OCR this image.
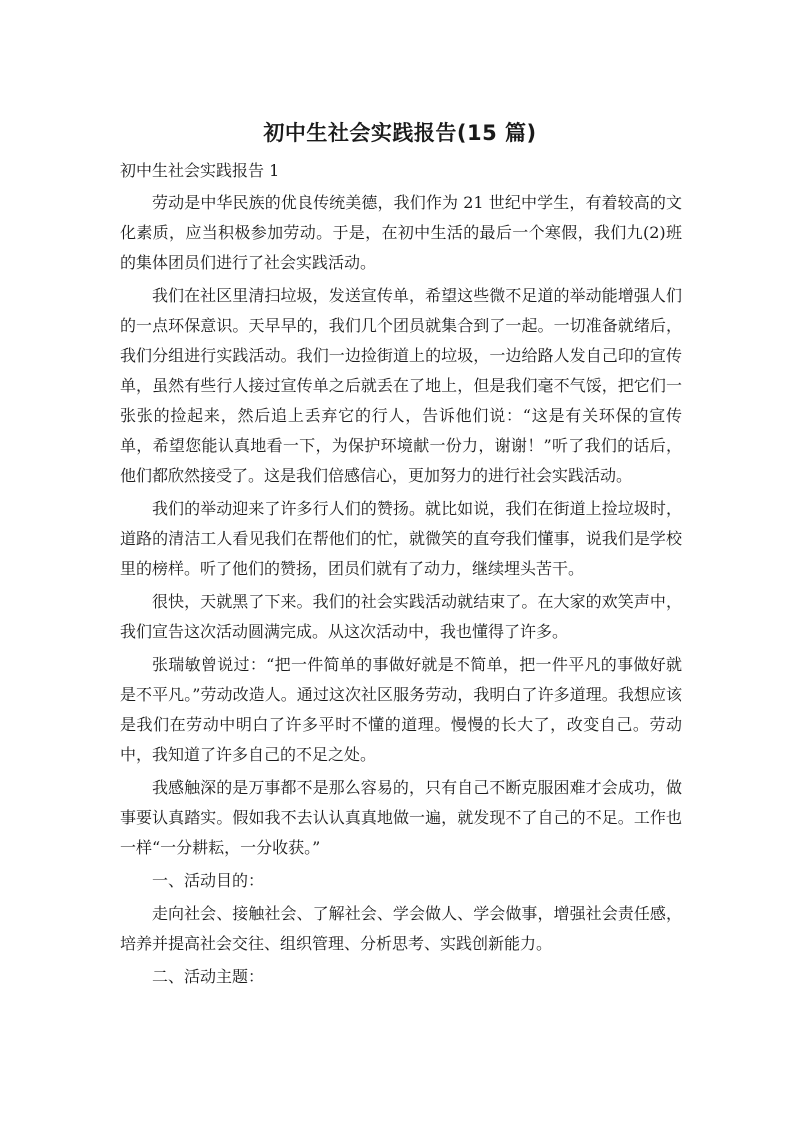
初中生社会实践报告(15 篇)

初中生社会实践报告 1

劳动是中华民族的优良传统美德，我们作为 21 世纪中学生，有着较高的文化素质，应当积极参加劳动。于是，在初中生活的最后一个寒假，我们九(2)班的集体团员们进行了社会实践活动。

我们在社区里清扫垃圾，发送宣传单，希望这些微不足道的举动能增强人们的一点环保意识。天早早的，我们几个团员就集合到了一起。一切准备就绪后，我们分组进行实践活动。我们一边捡街道上的垃圾，一边给路人发自己印的宣传单，虽然有些行人接过宣传单之后就丢在了地上，但是我们毫不气馁，把它们一张张的捡起来，然后追上丢弃它的行人，告诉他们说：“这是有关环保的宣传单，希望您能认真地看一下，为保护环境献一份力，谢谢！”听了我们的话后，他们都欣然接受了。这是我们倍感信心，更加努力的进行社会实践活动。

我们的举动迎来了许多行人们的赞扬。就比如说，我们在街道上捡垃圾时，道路的清洁工人看见我们在帮他们的忙，就微笑的直夸我们懂事，说我们是学校里的榜样。听了他们的赞扬，团员们就有了动力，继续埋头苦干。

很快，天就黑了下来。我们的社会实践活动就结束了。在大家的欢笑声中，我们宣告这次活动圆满完成。从这次活动中，我也懂得了许多。

张瑞敏曾说过：“把一件简单的事做好就是不简单，把一件平凡的事做好就是不平凡。”劳动改造人。通过这次社区服务劳动，我明白了许多道理。我想应该是我们在劳动中明白了许多平时不懂的道理。慢慢的长大了，改变自己。劳动中，我知道了许多自己的不足之处。

我感触深的是万事都不是那么容易的，只有自己不断克服困难才会成功，做事要认真踏实。假如我不去认认真真地做一遍，就发现不了自己的不足。工作也一样“一分耕耘，一分收获。”

一、活动目的：

走向社会、接触社会、了解社会、学会做人、学会做事，增强社会责任感，培养并提高社会交往、组织管理、分析思考、实践创新能力。

二、活动主题：
